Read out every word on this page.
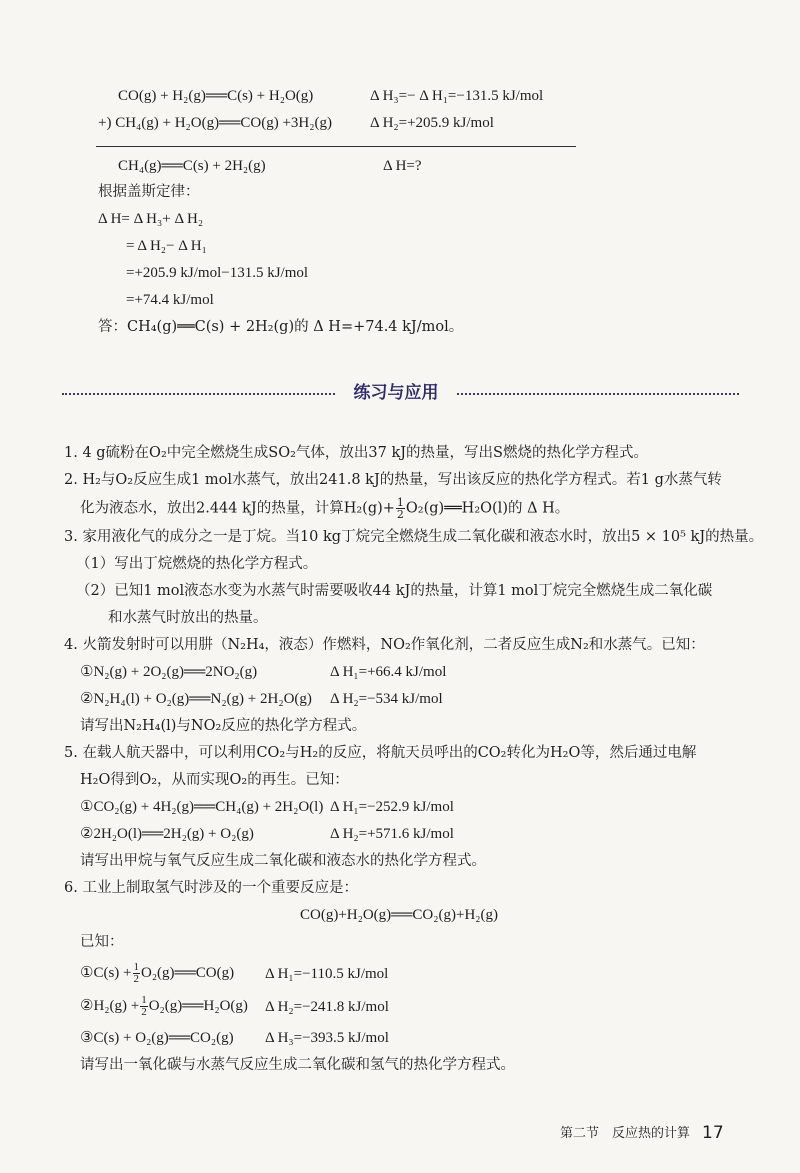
CO(g) + H₂(g)══C(s) + H₂O(g)	Δ H₃=− Δ H₁=−131.5 kJ/mol
+) CH₄(g) + H₂O(g)══CO(g) +3H₂(g)	Δ H₂=+205.9 kJ/mol
CH₄(g)══C(s) + 2H₂(g)	Δ H=?
根据盖斯定律：
Δ H= Δ H₃+ Δ H₂
= Δ H₂− Δ H₁
=+205.9 kJ/mol−131.5 kJ/mol
=+74.4 kJ/mol
答：CH₄(g)══C(s) + 2H₂(g)的 Δ H=+74.4 kJ/mol。
练习与应用
1. 4 g硫粉在O₂中完全燃烧生成SO₂气体，放出37 kJ的热量，写出S燃烧的热化学方程式。
2. H₂与O₂反应生成1 mol水蒸气，放出241.8 kJ的热量，写出该反应的热化学方程式。若1 g水蒸气转
化为液态水，放出2.444 kJ的热量，计算$H_2(g)+ \frac{1}{2}$ O₂(g)══H₂O(l)的 Δ H。
3. 家用液化气的成分之一是丁烷。当10 kg丁烷完全燃烧生成二氧化碳和液态水时，放出5 × 10⁵ kJ的热量。
（1）写出丁烷燃烧的热化学方程式。
（2）已知1 mol液态水变为水蒸气时需要吸收44 kJ的热量，计算1 mol丁烷完全燃烧生成二氧化碳
和水蒸气时放出的热量。
4. 火箭发射时可以用肼（N₂H₄，液态）作燃料，NO₂作氧化剂，二者反应生成N₂和水蒸气。已知：
①N₂(g) + 2O₂(g)══2NO₂(g)	Δ H₁=+66.4 kJ/mol
②N₂H₄(l) + O₂(g)══N₂(g) + 2H₂O(g) Δ H₂=−534 kJ/mol
请写出N₂H₄(l)与NO₂反应的热化学方程式。
5. 在载人航天器中，可以利用CO₂与H₂的反应，将航天员呼出的CO₂转化为H₂O等，然后通过电解
H₂O得到O₂，从而实现O₂的再生。已知：
①CO₂(g) + 4H₂(g)══CH₄(g) + 2H₂O(l) Δ H₁=−252.9 kJ/mol
②2H₂O(l)══2H₂(g) + O₂(g)	Δ H₂=+571.6 kJ/mol
请写出甲烷与氧气反应生成二氧化碳和液态水的热化学方程式。
6. 工业上制取氢气时涉及的一个重要反应是：
CO(g)+H₂O(g)══CO₂(g)+H₂(g)
已知：
①C(s) + $\frac{1}{2}$ O₂(g)══CO(g) Δ H₁=−110.5 kJ/mol
②H₂(g) + $\frac{1}{2}$ O₂(g)══H₂O(g) Δ H₂=−241.8 kJ/mol
③C(s) + O₂(g)══CO₂(g) Δ H₃=−393.5 kJ/mol
请写出一氧化碳与水蒸气反应生成二氧化碳和氢气的热化学方程式。
第二节　反应热的计算 17
